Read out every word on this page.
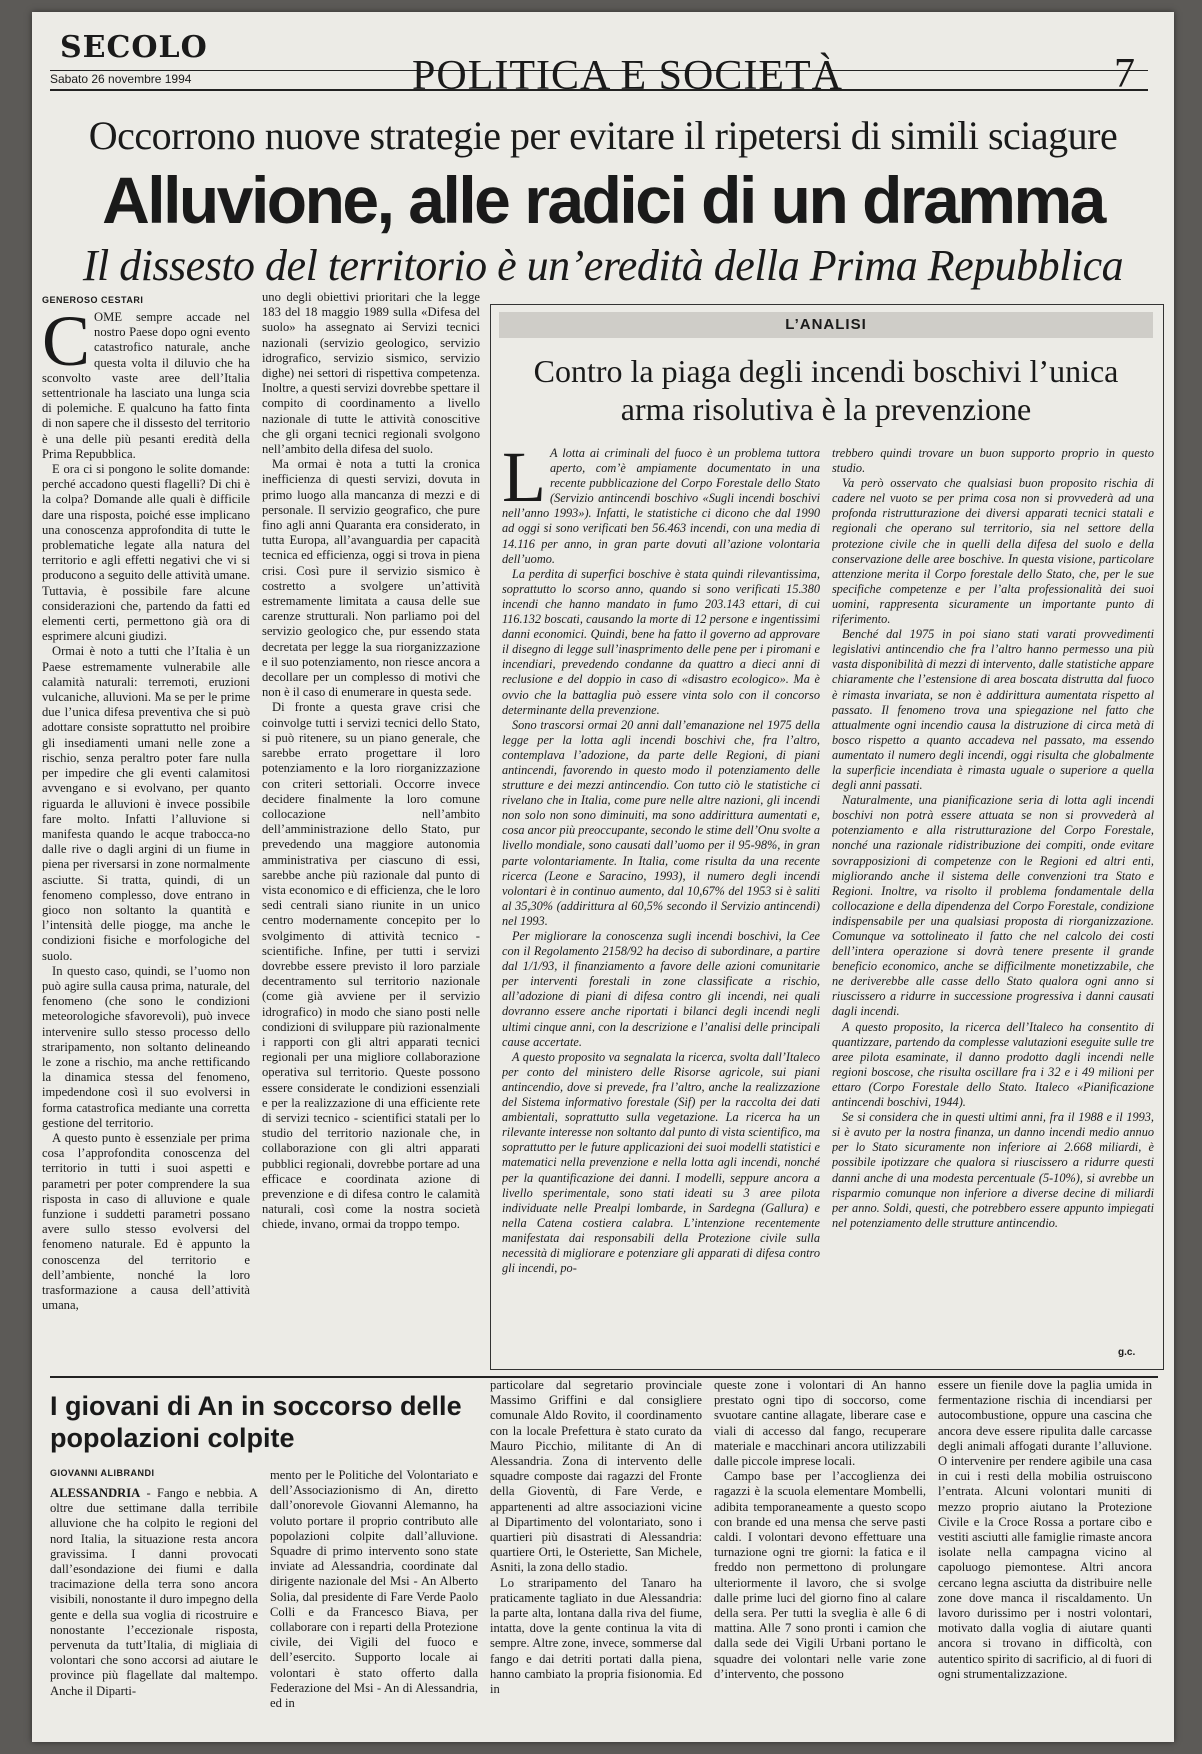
SECOLO
Sabato 26 novembre 1994	POLITICA E SOCIETÀ	7
Occorrono nuove strategie per evitare il ripetersi di simili sciagure
Alluvione, alle radici di un dramma
Il dissesto del territorio è un’eredità della Prima Repubblica
GENEROSO CESTARI
C OME sempre accade nel nostro Paese dopo ogni evento catastrofico naturale, anche questa volta il diluvio che ha sconvolto vaste aree dell’Italia settentrionale ha lasciato una lunga scia di polemiche. E qualcuno ha fatto finta di non sapere che il dissesto del territorio è una delle più pesanti eredità della Prima Repubblica.

E ora ci si pongono le solite domande: perché accadono questi flagelli? Di chi è la colpa? Domande alle quali è difficile dare una risposta, poiché esse implicano una conoscenza approfondita di tutte le problematiche legate alla natura del territorio e agli effetti negativi che vi si producono a seguito delle attività umane. Tuttavia, è possibile fare alcune considerazioni che, partendo da fatti ed elementi certi, permettono già ora di esprimere alcuni giudizi.

Ormai è noto a tutti che l’Italia è un Paese estremamente vulnerabile alle calamità naturali: terremoti, eruzioni vulcaniche, alluvioni. Ma se per le prime due l’unica difesa preventiva che si può adottare consiste soprattutto nel proibire gli insediamenti umani nelle zone a rischio, senza peraltro poter fare nulla per impedire che gli eventi calamitosi avvengano e si evolvano, per quanto riguarda le alluvioni è invece possibile fare molto. Infatti l’alluvione si manifesta quando le acque trabocca-no dalle rive o dagli argini di un fiume in piena per riversarsi in zone normalmente asciutte. Si tratta, quindi, di un fenomeno complesso, dove entrano in gioco non soltanto la quantità e l’intensità delle piogge, ma anche le condizioni fisiche e morfologiche del suolo.

In questo caso, quindi, se l’uomo non può agire sulla causa prima, naturale, del fenomeno (che sono le condizioni meteorologiche sfavorevoli), può invece intervenire sullo stesso processo dello straripamento, non soltanto delineando le zone a rischio, ma anche rettificando la dinamica stessa del fenomeno, impedendone così il suo evolversi in forma catastrofica mediante una corretta gestione del territorio.

A questo punto è essenziale per prima cosa l’approfondita conoscenza del territorio in tutti i suoi aspetti e parametri per poter comprendere la sua risposta in caso di alluvione e quale funzione i suddetti parametri possano avere sullo stesso evolversi del fenomeno naturale. Ed è appunto la conoscenza del territorio e dell’ambiente, nonché la loro trasformazione a causa dell’attività umana,

uno degli obiettivi prioritari che la legge 183 del 18 maggio 1989 sulla «Difesa del suolo» ha assegnato ai Servizi tecnici nazionali (servizio geologico, servizio idrografico, servizio sismico, servizio dighe) nei settori di rispettiva competenza. Inoltre, a questi servizi dovrebbe spettare il compito di coordinamento a livello nazionale di tutte le attività conoscitive che gli organi tecnici regionali svolgono nell’ambito della difesa del suolo.

Ma ormai è nota a tutti la cronica inefficienza di questi servizi, dovuta in primo luogo alla mancanza di mezzi e di personale. Il servizio geografico, che pure fino agli anni Quaranta era considerato, in tutta Europa, all’avanguardia per capacità tecnica ed efficienza, oggi si trova in piena crisi. Così pure il servizio sismico è costretto a svolgere un’attività estremamente limitata a causa delle sue carenze strutturali. Non parliamo poi del servizio geologico che, pur essendo stata decretata per legge la sua riorganizzazione e il suo potenziamento, non riesce ancora a decollare per un complesso di motivi che non è il caso di enumerare in questa sede.

Di fronte a questa grave crisi che coinvolge tutti i servizi tecnici dello Stato, si può ritenere, su un piano generale, che sarebbe errato progettare il loro potenziamento e la loro riorganizzazione con criteri settoriali. Occorre invece decidere finalmente la loro comune collocazione nell’ambito dell’amministrazione dello Stato, pur prevedendo una maggiore autonomia amministrativa per ciascuno di essi, sarebbe anche più razionale dal punto di vista economico e di efficienza, che le loro sedi centrali siano riunite in un unico centro modernamente concepito per lo svolgimento di attività tecnico - scientifiche. Infine, per tutti i servizi dovrebbe essere previsto il loro parziale decentramento sul territorio nazionale (come già avviene per il servizio idrografico) in modo che siano posti nelle condizioni di sviluppare più razionalmente i rapporti con gli altri apparati tecnici regionali per una migliore collaborazione operativa sul territorio. Queste possono essere considerate le condizioni essenziali e per la realizzazione di una efficiente rete di servizi tecnico - scientifici statali per lo studio del territorio nazionale che, in collaborazione con gli altri apparati pubblici regionali, dovrebbe portare ad una efficace e coordinata azione di prevenzione e di difesa contro le calamità naturali, così come la nostra società chiede, invano, ormai da troppo tempo.

L’ANALISI
Contro la piaga degli incendi boschivi l’unica arma risolutiva è la prevenzione
L A lotta ai criminali del fuoco è un problema tuttora aperto, com’è ampiamente documentato in una recente pubblicazione del Corpo Forestale dello Stato (Servizio antincendi boschivo «Sugli incendi boschivi nell’anno 1993»). Infatti, le statistiche ci dicono che dal 1990 ad oggi si sono verificati ben 56.463 incendi, con una media di 14.116 per anno, in gran parte dovuti all’azione volontaria dell’uomo.

La perdita di superfici boschive è stata quindi rilevantissima, soprattutto lo scorso anno, quando si sono verificati 15.380 incendi che hanno mandato in fumo 203.143 ettari, di cui 116.132 boscati, causando la morte di 12 persone e ingentissimi danni economici. Quindi, bene ha fatto il governo ad approvare il disegno di legge sull’inasprimento delle pene per i piromani e incendiari, prevedendo condanne da quattro a dieci anni di reclusione e del doppio in caso di «disastro ecologico». Ma è ovvio che la battaglia può essere vinta solo con il concorso determinante della prevenzione.

Sono trascorsi ormai 20 anni dall’emanazione nel 1975 della legge per la lotta agli incendi boschivi che, fra l’altro, contemplava l’adozione, da parte delle Regioni, di piani antincendi, favorendo in questo modo il potenziamento delle strutture e dei mezzi antincendio. Con tutto ciò le statistiche ci rivelano che in Italia, come pure nelle altre nazioni, gli incendi non solo non sono diminuiti, ma sono addirittura aumentati e, cosa ancor più preoccupante, secondo le stime dell’Onu svolte a livello mondiale, sono causati dall’uomo per il 95-98%, in gran parte volontariamente. In Italia, come risulta da una recente ricerca (Leone e Saracino, 1993), il numero degli incendi volontari è in continuo aumento, dal 10,67% del 1953 si è saliti al 35,30% (addirittura al 60,5% secondo il Servizio antincendi) nel 1993.

Per migliorare la conoscenza sugli incendi boschivi, la Cee con il Regolamento 2158/92 ha deciso di subordinare, a partire dal 1/1/93, il finanziamento a favore delle azioni comunitarie per interventi forestali in zone classificate a rischio, all’adozione di piani di difesa contro gli incendi, nei quali dovranno essere anche riportati i bilanci degli incendi negli ultimi cinque anni, con la descrizione e l’analisi delle principali cause accertate.

A questo proposito va segnalata la ricerca, svolta dall’Italeco per conto del ministero delle Risorse agricole, sui piani antincendio, dove si prevede, fra l’altro, anche la realizzazione del Sistema informativo forestale (Sif) per la raccolta dei dati ambientali, soprattutto sulla vegetazione. La ricerca ha un rilevante interesse non soltanto dal punto di vista scientifico, ma soprattutto per le future applicazioni dei suoi modelli statistici e matematici nella prevenzione e nella lotta agli incendi, nonché per la quantificazione dei danni. I modelli, seppure ancora a livello sperimentale, sono stati ideati su 3 aree pilota individuate nelle Prealpi lombarde, in Sardegna (Gallura) e nella Catena costiera calabra. L’intenzione recentemente manifestata dai responsabili della Protezione civile sulla necessità di migliorare e potenziare gli apparati di difesa contro gli incendi, po-

trebbero quindi trovare un buon supporto proprio in questo studio.

Va però osservato che qualsiasi buon proposito rischia di cadere nel vuoto se per prima cosa non si provvederà ad una profonda ristrutturazione dei diversi apparati tecnici statali e regionali che operano sul territorio, sia nel settore della protezione civile che in quelli della difesa del suolo e della conservazione delle aree boschive. In questa visione, particolare attenzione merita il Corpo forestale dello Stato, che, per le sue specifiche competenze e per l’alta professionalità dei suoi uomini, rappresenta sicuramente un importante punto di riferimento.

Benché dal 1975 in poi siano stati varati provvedimenti legislativi antincendio che fra l’altro hanno permesso una più vasta disponibilità di mezzi di intervento, dalle statistiche appare chiaramente che l’estensione di area boscata distrutta dal fuoco è rimasta invariata, se non è addirittura aumentata rispetto al passato. Il fenomeno trova una spiegazione nel fatto che attualmente ogni incendio causa la distruzione di circa metà di bosco rispetto a quanto accadeva nel passato, ma essendo aumentato il numero degli incendi, oggi risulta che globalmente la superficie incendiata è rimasta uguale o superiore a quella degli anni passati.

Naturalmente, una pianificazione seria di lotta agli incendi boschivi non potrà essere attuata se non si provvederà al potenziamento e alla ristrutturazione del Corpo Forestale, nonché una razionale ridistribuzione dei compiti, onde evitare sovrapposizioni di competenze con le Regioni ed altri enti, migliorando anche il sistema delle convenzioni tra Stato e Regioni. Inoltre, va risolto il problema fondamentale della collocazione e della dipendenza del Corpo Forestale, condizione indispensabile per una qualsiasi proposta di riorganizzazione. Comunque va sottolineato il fatto che nel calcolo dei costi dell’intera operazione si dovrà tenere presente il grande beneficio economico, anche se difficilmente monetizzabile, che ne deriverebbe alle casse dello Stato qualora ogni anno si riuscissero a ridurre in successione progressiva i danni causati dagli incendi.

A questo proposito, la ricerca dell’Italeco ha consentito di quantizzare, partendo da complesse valutazioni eseguite sulle tre aree pilota esaminate, il danno prodotto dagli incendi nelle regioni boscose, che risulta oscillare fra i 32 e i 49 milioni per ettaro (Corpo Forestale dello Stato. Italeco «Pianificazione antincendi boschivi, 1944).

Se si considera che in questi ultimi anni, fra il 1988 e il 1993, si è avuto per la nostra finanza, un danno incendi medio annuo per lo Stato sicuramente non inferiore ai 2.668 miliardi, è possibile ipotizzare che qualora si riuscissero a ridurre questi danni anche di una modesta percentuale (5-10%), si avrebbe un risparmio comunque non inferiore a diverse decine di miliardi per anno. Soldi, questi, che potrebbero essere appunto impiegati nel potenziamento delle strutture antincendio.

g.c.
I giovani di An in soccorso delle popolazioni colpite
GIOVANNI ALIBRANDI

ALESSANDRIA - Fango e nebbia. A oltre due settimane dalla terribile alluvione che ha colpito le regioni del nord Italia, la situazione resta ancora gravissima. I danni provocati dall’esondazione dei fiumi e dalla tracimazione della terra sono ancora visibili, nonostante il duro impegno della gente e della sua voglia di ricostruire e nonostante l’eccezionale risposta, pervenuta da tutt’Italia, di migliaia di volontari che sono accorsi ad aiutare le province più flagellate dal maltempo. Anche il Diparti-

mento per le Politiche del Volontariato e dell’Associazionismo di An, diretto dall’onorevole Giovanni Alemanno, ha voluto portare il proprio contributo alle popolazioni colpite dall’alluvione. Squadre di primo intervento sono state inviate ad Alessandria, coordinate dal dirigente nazionale del Msi - An Alberto Solia, dal presidente di Fare Verde Paolo Colli e da Francesco Biava, per collaborare con i reparti della Protezione civile, dei Vigili del fuoco e dell’esercito. Supporto locale ai volontari è stato offerto dalla Federazione del Msi - An di Alessandria, ed in

particolare dal segretario provinciale Massimo Griffini e dal consigliere comunale Aldo Rovito, il coordinamento con la locale Prefettura è stato curato da Mauro Picchio, militante di An di Alessandria. Zona di intervento delle squadre composte dai ragazzi del Fronte della Gioventù, di Fare Verde, e appartenenti ad altre associazioni vicine al Dipartimento del volontariato, sono i quartieri più disastrati di Alessandria: quartiere Orti, le Osteriette, San Michele, Asniti, la zona dello stadio.

Lo straripamento del Tanaro ha praticamente tagliato in due Alessandria: la parte alta, lontana dalla riva del fiume, intatta, dove la gente continua la vita di sempre. Altre zone, invece, sommerse dal fango e dai detriti portati dalla piena, hanno cambiato la propria fisionomia. Ed in

queste zone i volontari di An hanno prestato ogni tipo di soccorso, come svuotare cantine allagate, liberare case e viali di accesso dal fango, recuperare materiale e macchinari ancora utilizzabili dalle piccole imprese locali.

Campo base per l’accoglienza dei ragazzi è la scuola elementare Mombelli, adibita temporaneamente a questo scopo con brande ed una mensa che serve pasti caldi. I volontari devono effettuare una turnazione ogni tre giorni: la fatica e il freddo non permettono di prolungare ulteriormente il lavoro, che si svolge dalle prime luci del giorno fino al calare della sera. Per tutti la sveglia è alle 6 di mattina. Alle 7 sono pronti i camion che dalla sede dei Vigili Urbani portano le squadre dei volontari nelle varie zone d’intervento, che possono

essere un fienile dove la paglia umida in fermentazione rischia di incendiarsi per autocombustione, oppure una cascina che ancora deve essere ripulita dalle carcasse degli animali affogati durante l’alluvione. O intervenire per rendere agibile una casa in cui i resti della mobilia ostruiscono l’entrata. Alcuni volontari muniti di mezzo proprio aiutano la Protezione Civile e la Croce Rossa a portare cibo e vestiti asciutti alle famiglie rimaste ancora isolate nella campagna vicino al capoluogo piemontese. Altri ancora cercano legna asciutta da distribuire nelle zone dove manca il riscaldamento. Un lavoro durissimo per i nostri volontari, motivato dalla voglia di aiutare quanti ancora si trovano in difficoltà, con autentico spirito di sacrificio, al di fuori di ogni strumentalizzazione.
